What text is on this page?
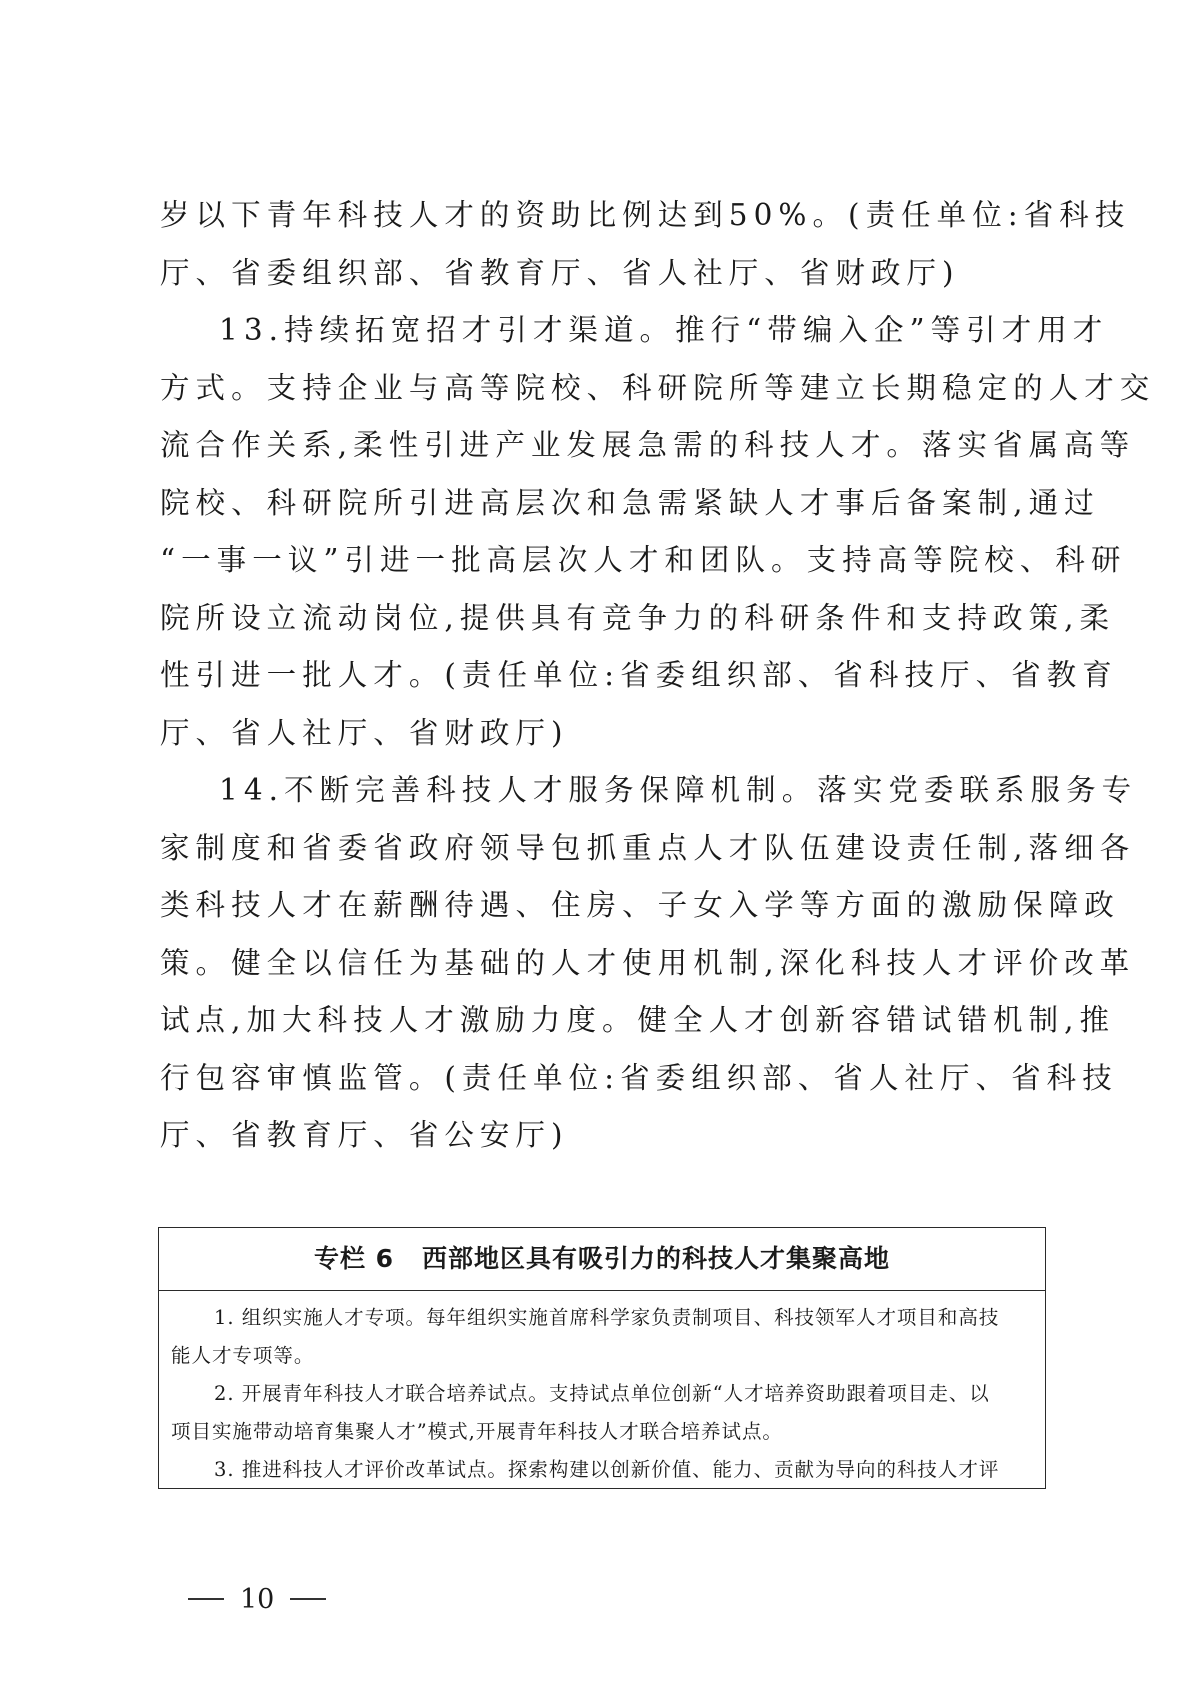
岁以下青年科技人才的资助比例达到50%。(责任单位:省科技
厅、省委组织部、省教育厅、省人社厅、省财政厅)
13.持续拓宽招才引才渠道。推行“带编入企”等引才用才
方式。支持企业与高等院校、科研院所等建立长期稳定的人才交
流合作关系,柔性引进产业发展急需的科技人才。落实省属高等
院校、科研院所引进高层次和急需紧缺人才事后备案制,通过
“一事一议”引进一批高层次人才和团队。支持高等院校、科研
院所设立流动岗位,提供具有竞争力的科研条件和支持政策,柔
性引进一批人才。(责任单位:省委组织部、省科技厅、省教育
厅、省人社厅、省财政厅)
14.不断完善科技人才服务保障机制。落实党委联系服务专
家制度和省委省政府领导包抓重点人才队伍建设责任制,落细各
类科技人才在薪酬待遇、住房、子女入学等方面的激励保障政
策。健全以信任为基础的人才使用机制,深化科技人才评价改革
试点,加大科技人才激励力度。健全人才创新容错试错机制,推
行包容审慎监管。(责任单位:省委组织部、省人社厅、省科技
厅、省教育厅、省公安厅)
专栏 6 西部地区具有吸引力的科技人才集聚高地
1. 组织实施人才专项。每年组织实施首席科学家负责制项目、科技领军人才项目和高技
能人才专项等。
2. 开展青年科技人才联合培养试点。支持试点单位创新“人才培养资助跟着项目走、以
项目实施带动培育集聚人才”模式,开展青年科技人才联合培养试点。
3. 推进科技人才评价改革试点。探索构建以创新价值、能力、贡献为导向的科技人才评
10
